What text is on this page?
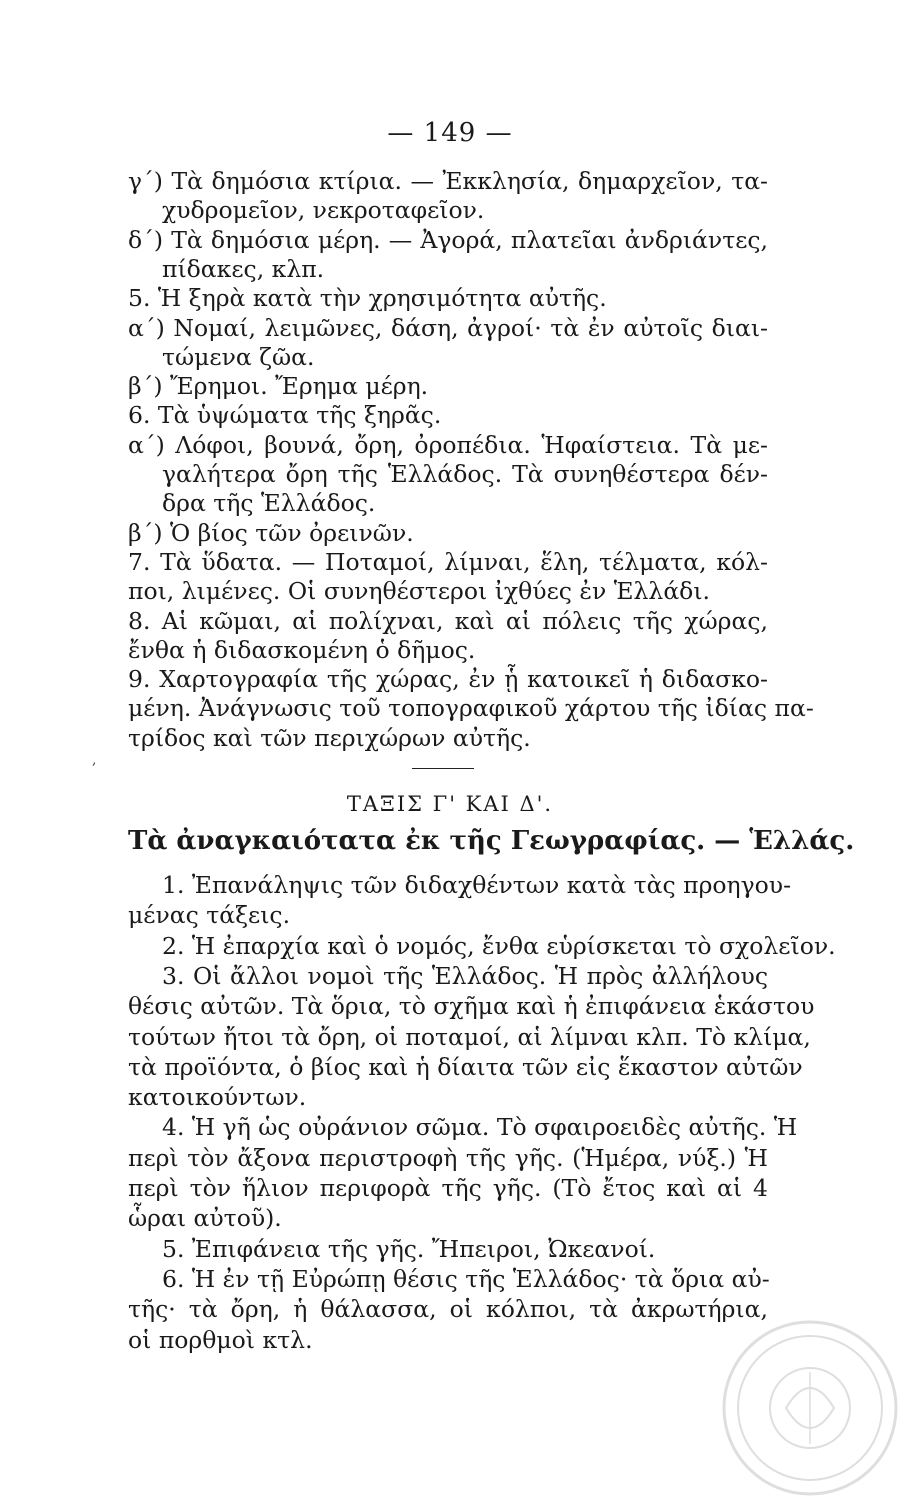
— 149 —
γ΄) Τὰ δημόσια κτίρια. — Ἐκκλησία, δημαρχεῖον, τα-
χυδρομεῖον, νεκροταφεῖον.
δ΄) Τὰ δημόσια μέρη. — Ἀγορά, πλατεῖαι ἀνδριάντες,
πίδακες, κλπ.
5. Ἡ ξηρὰ κατὰ τὴν χρησιμότητα αὐτῆς.
α΄) Νομαί, λειμῶνες, δάση, ἀγροί· τὰ ἐν αὐτοῖς διαι-
τώμενα ζῶα.
β΄) Ἔρημοι. Ἔρημα μέρη.
6. Τὰ ὑψώματα τῆς ξηρᾶς.
α΄) Λόφοι, βουνά, ὄρη, ὀροπέδια. Ἡφαίστεια. Τὰ με-
γαλήτερα ὄρη τῆς Ἑλλάδος. Τὰ συνηθέστερα δέν-
δρα τῆς Ἑλλάδος.
β΄) Ὁ βίος τῶν ὀρεινῶν.
7. Τὰ ὕδατα. — Ποταμοί, λίμναι, ἕλη, τέλματα, κόλ-
ποι, λιμένες. Οἱ συνηθέστεροι ἰχθύες ἐν Ἑλλάδι.
8. Αἱ κῶμαι, αἱ πολίχναι, καὶ αἱ πόλεις τῆς χώρας,
ἔνθα ἡ διδασκομένη ὁ δῆμος.
9. Χαρτογραφία τῆς χώρας, ἐν ᾗ κατοικεῖ ἡ διδασκο-
μένη. Ἀνάγνωσις τοῦ τοπογραφικοῦ χάρτου τῆς ἰδίας πα-
τρίδος καὶ τῶν περιχώρων αὐτῆς.
,
ΤΑΞΙΣ Γ' ΚΑΙ Δ'.
Τὰ ἀναγκαιότατα ἐκ τῆς Γεωγραφίας. — Ἑλλάς.
1. Ἐπανάληψις τῶν διδαχθέντων κατὰ τὰς προηγου-
μένας τάξεις.
2. Ἡ ἐπαρχία καὶ ὁ νομός, ἔνθα εὑρίσκεται τὸ σχολεῖον.
3. Οἱ ἄλλοι νομοὶ τῆς Ἑλλάδος. Ἡ πρὸς ἀλλήλους
θέσις αὐτῶν. Τὰ ὅρια, τὸ σχῆμα καὶ ἡ ἐπιφάνεια ἑκάστου
τούτων ἤτοι τὰ ὄρη, οἱ ποταμοί, αἱ λίμναι κλπ. Τὸ κλίμα,
τὰ προϊόντα, ὁ βίος καὶ ἡ δίαιτα τῶν εἰς ἕκαστον αὐτῶν
κατοικούντων.
4. Ἡ γῆ ὡς οὐράνιον σῶμα. Τὸ σφαιροειδὲς αὐτῆς. Ἡ
περὶ τὸν ἄξονα περιστροφὴ τῆς γῆς. (Ἡμέρα, νύξ.) Ἡ
περὶ τὸν ἥλιον περιφορὰ τῆς γῆς. (Τὸ ἔτος καὶ αἱ 4
ὧραι αὐτοῦ).
5. Ἐπιφάνεια τῆς γῆς. Ἤπειροι, Ὠκεανοί.
6. Ἡ ἐν τῇ Εὐρώπῃ θέσις τῆς Ἑλλάδος· τὰ ὅρια αὐ-
τῆς· τὰ ὄρη, ἡ θάλασσα, οἱ κόλποι, τὰ ἀκρωτήρια,
οἱ πορθμοὶ κτλ.
